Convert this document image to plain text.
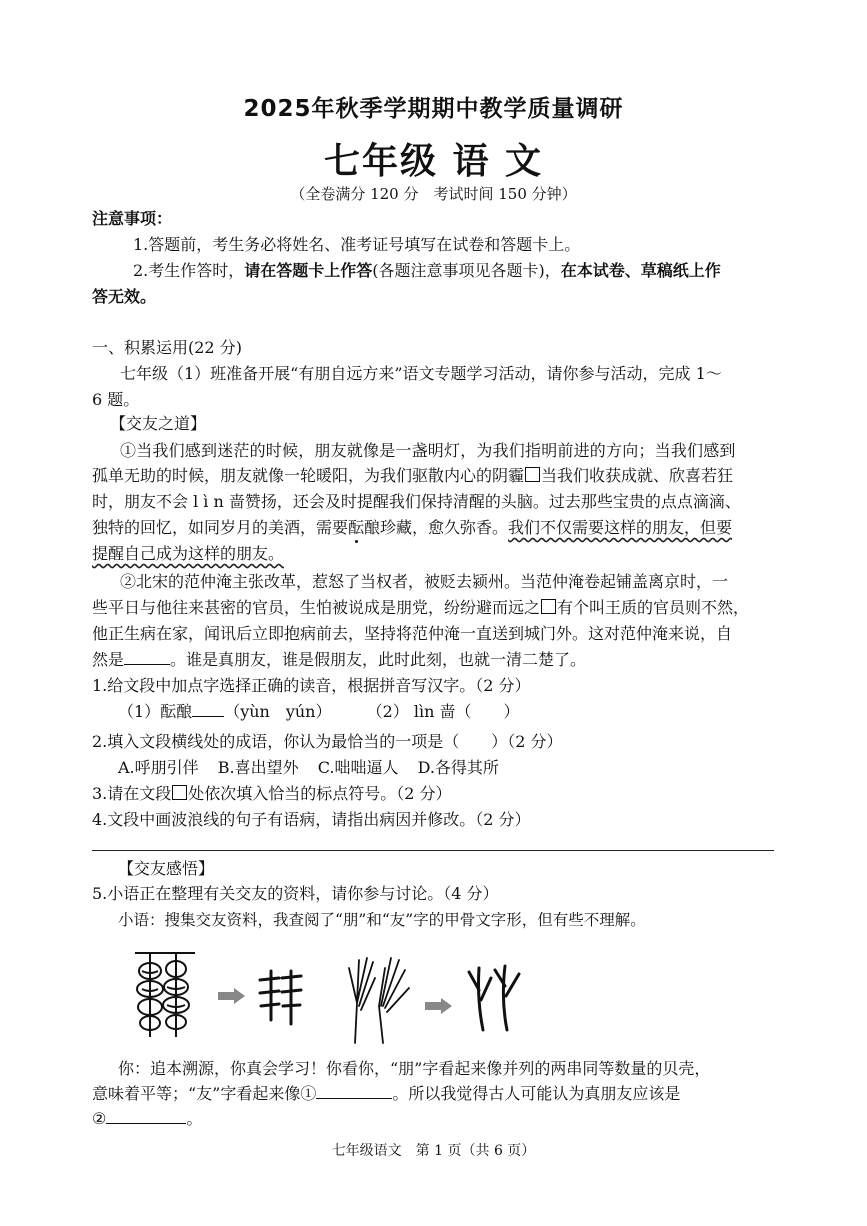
2025年秋季学期期中教学质量调研
七年级 语 文
（全卷满分 120 分　考试时间 150 分钟）
注意事项：
1.答题前，考生务必将姓名、准考证号填写在试卷和答题卡上。
2.考生作答时，请在答题卡上作答(各题注意事项见各题卡)，在本试卷、草稿纸上作
答无效。
一、积累运用(22 分)
七年级（1）班准备开展“有朋自远方来”语文专题学习活动，请你参与活动，完成 1～
6 题。
【交友之道】
①当我们感到迷茫的时候，朋友就像是一盏明灯，为我们指明前进的方向；当我们感到
孤单无助的时候，朋友就像一轮暖阳，为我们驱散内心的阴霾 当我们收获成就、欣喜若狂
时，朋友不会 l ì n 啬赞扬，还会及时提醒我们保持清醒的头脑。过去那些宝贵的点点滴滴、
独特的回忆，如同岁月的美酒，需要酝酿珍藏，愈久弥香。我们不仅需要这样的朋友，但要
提醒自己成为这样的朋友。
②北宋的范仲淹主张改革，惹怒了当权者，被贬去颍州。当范仲淹卷起铺盖离京时，一
些平日与他往来甚密的官员，生怕被说成是朋党，纷纷避而远之 有个叫王质的官员则不然，
他正生病在家，闻讯后立即抱病前去，坚持将范仲淹一直送到城门外。这对范仲淹来说，自
然是	。谁是真朋友，谁是假朋友，此时此刻，也就一清二楚了。
1.给文段中加点字选择正确的读音，根据拼音写汉字。（2 分）
（1）酝酿 （yùn　yún） （2） lìn 啬（　　）
2.填入文段横线处的成语，你认为最恰当的一项是（　　）（2 分）
A.呼朋引伴 B.喜出望外 C.咄咄逼人 D.各得其所
3.请在文段 处依次填入恰当的标点符号。（2 分）
4.文段中画波浪线的句子有语病，请指出病因并修改。（2 分）
【交友感悟】
5.小语正在整理有关交友的资料，请你参与讨论。（4 分）
小语：搜集交友资料，我查阅了“朋”和“友”字的甲骨文字形，但有些不理解。
你：追本溯源，你真会学习！你看你，“朋”字看起来像并列的两串同等数量的贝壳，
意味着平等；“友”字看起来像①	。所以我觉得古人可能认为真朋友应该是
②	。
七年级语文　第 1 页（共 6 页）
